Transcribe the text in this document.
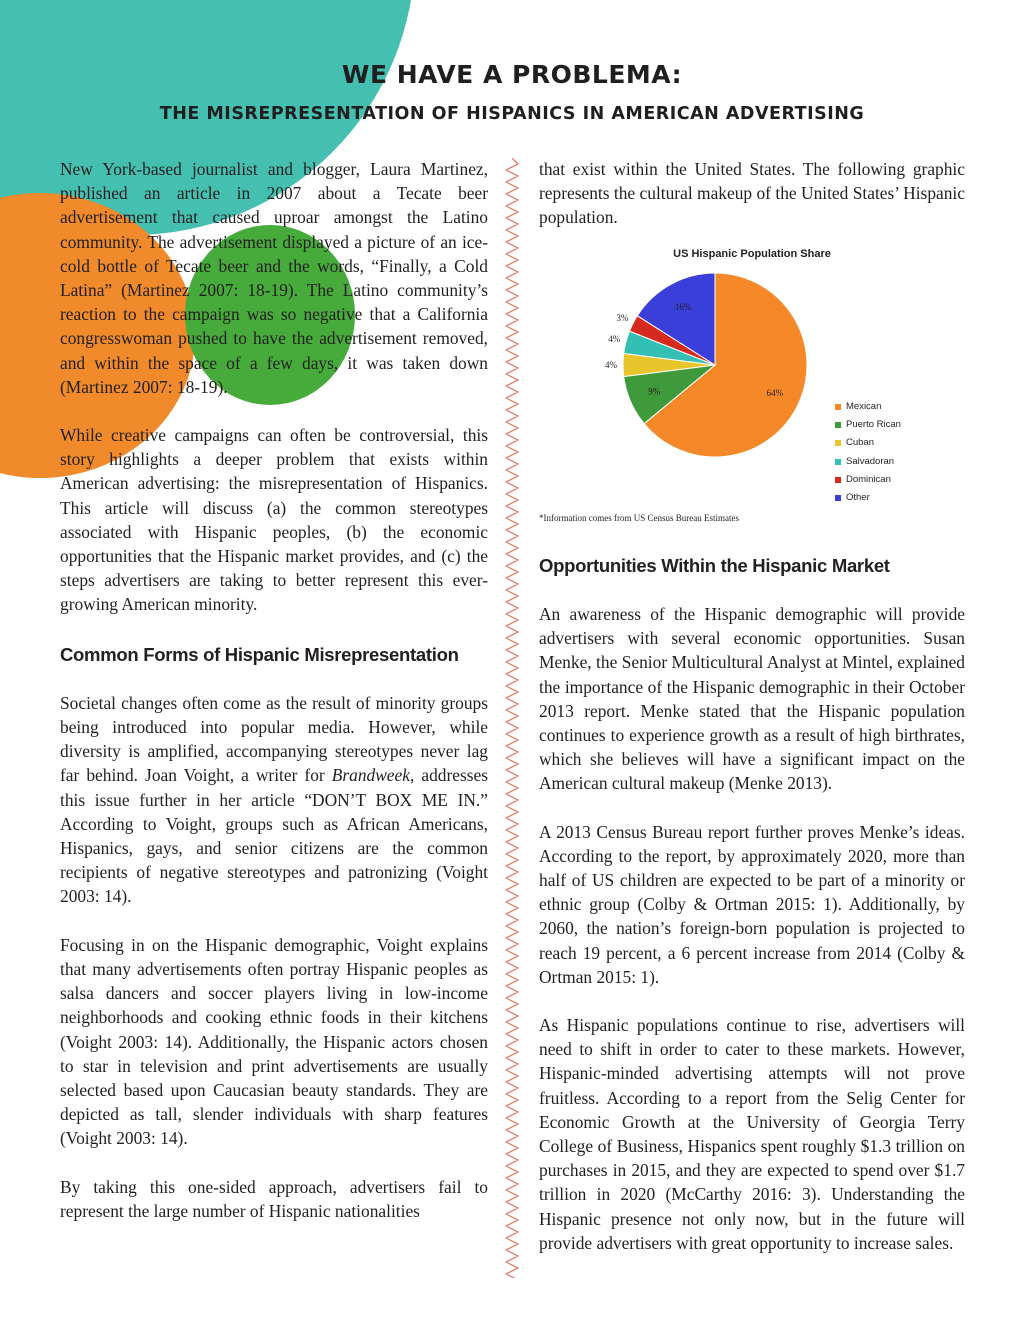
WE HAVE A PROBLEMA:
THE MISREPRESENTATION OF HISPANICS IN AMERICAN ADVERTISING

New York-based journalist and blogger, Laura Martinez, published an article in 2007 about a Tecate beer advertisement that caused uproar amongst the Latino community. The advertisement displayed a picture of an ice-cold bottle of Tecate beer and the words, “Finally, a Cold Latina” (Martinez 2007: 18-19). The Latino community’s reaction to the campaign was so negative that a California congresswoman pushed to have the advertisement removed, and within the space of a few days, it was taken down (Martinez 2007: 18-19).

While creative campaigns can often be controversial, this story highlights a deeper problem that exists within American advertising: the misrepresentation of Hispanics. This article will discuss (a) the common stereotypes associated with Hispanic peoples, (b) the economic opportunities that the Hispanic market provides, and (c) the steps advertisers are taking to better represent this ever-growing American minority.

Common Forms of Hispanic Misrepresentation

Societal changes often come as the result of minority groups being introduced into popular media. However, while diversity is amplified, accompanying stereotypes never lag far behind. Joan Voight, a writer for Brandweek, addresses this issue further in her article “DON’T BOX ME IN.” According to Voight, groups such as African Americans, Hispanics, gays, and senior citizens are the common recipients of negative stereotypes and patronizing (Voight 2003: 14).

Focusing in on the Hispanic demographic, Voight explains that many advertisements often portray Hispanic peoples as salsa dancers and soccer players living in low-income neighborhoods and cooking ethnic foods in their kitchens (Voight 2003: 14). Additionally, the Hispanic actors chosen to star in television and print advertisements are usually selected based upon Caucasian beauty standards. They are depicted as tall, slender individuals with sharp features (Voight 2003: 14).

By taking this one-sided approach, advertisers fail to represent the large number of Hispanic nationalities

that exist within the United States. The following graphic represents the cultural makeup of the United States’ Hispanic population.

US Hispanic Population Share
64%
9%
4%
4%
3%
16%
Mexican
Puerto Rican
Cuban
Salvadoran
Dominican
Other

*Information comes from US Census Bureau Estimates

Opportunities Within the Hispanic Market

An awareness of the Hispanic demographic will provide advertisers with several economic opportunities. Susan Menke, the Senior Multicultural Analyst at Mintel, explained the importance of the Hispanic demographic in their October 2013 report. Menke stated that the Hispanic population continues to experience growth as a result of high birthrates, which she believes will have a significant impact on the American cultural makeup (Menke 2013).

A 2013 Census Bureau report further proves Menke’s ideas. According to the report, by approximately 2020, more than half of US children are expected to be part of a minority or ethnic group (Colby & Ortman 2015: 1). Additionally, by 2060, the nation’s foreign-born population is projected to reach 19 percent, a 6 percent increase from 2014 (Colby & Ortman 2015: 1).

As Hispanic populations continue to rise, advertisers will need to shift in order to cater to these markets. However, Hispanic-minded advertising attempts will not prove fruitless. According to a report from the Selig Center for Economic Growth at the University of Georgia Terry College of Business, Hispanics spent roughly $1.3 trillion on purchases in 2015, and they are expected to spend over $1.7 trillion in 2020 (McCarthy 2016: 3). Understanding the Hispanic presence not only now, but in the future will provide advertisers with great opportunity to increase sales.
